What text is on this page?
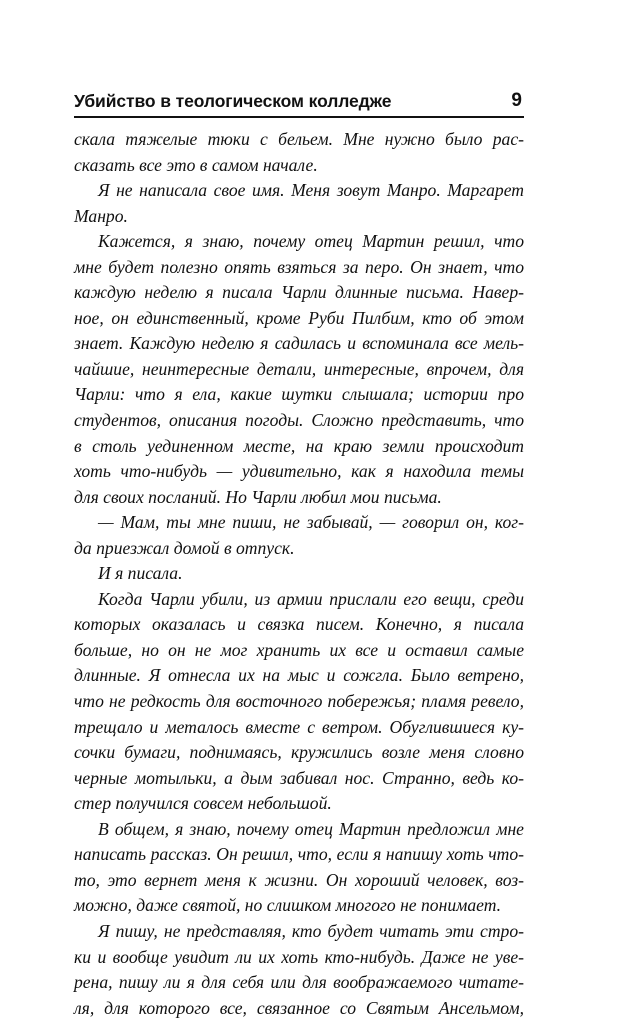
Убийство в теологическом колледже	9
скала тяжелые тюки с бельем. Мне нужно было рас-
сказать все это в самом начале.
Я не написала свое имя. Меня зовут Манро. Маргарет
Манро.
Кажется, я знаю, почему отец Мартин решил, что
мне будет полезно опять взяться за перо. Он знает, что
каждую неделю я писала Чарли длинные письма. Навер-
ное, он единственный, кроме Руби Пилбим, кто об этом
знает. Каждую неделю я садилась и вспоминала все мель-
чайшие, неинтересные детали, интересные, впрочем, для
Чарли: что я ела, какие шутки слышала; истории про
студентов, описания погоды. Сложно представить, что
в столь уединенном месте, на краю земли происходит
хоть что-нибудь — удивительно, как я находила темы
для своих посланий. Но Чарли любил мои письма.
— Мам, ты мне пиши, не забывай, — говорил он, ког-
да приезжал домой в отпуск.
И я писала.
Когда Чарли убили, из армии прислали его вещи, среди
которых оказалась и связка писем. Конечно, я писала
больше, но он не мог хранить их все и оставил самые
длинные. Я отнесла их на мыс и сожгла. Было ветрено,
что не редкость для восточного побережья; пламя ревело,
трещало и металось вместе с ветром. Обуглившиеся ку-
сочки бумаги, поднимаясь, кружились возле меня словно
черные мотыльки, а дым забивал нос. Странно, ведь ко-
стер получился совсем небольшой.
В общем, я знаю, почему отец Мартин предложил мне
написать рассказ. Он решил, что, если я напишу хоть что-
то, это вернет меня к жизни. Он хороший человек, воз-
можно, даже святой, но слишком многого не понимает.
Я пишу, не представляя, кто будет читать эти стро-
ки и вообще увидит ли их хоть кто-нибудь. Даже не уве-
рена, пишу ли я для себя или для воображаемого читате-
ля, для которого все, связанное со Святым Ансельмом,
